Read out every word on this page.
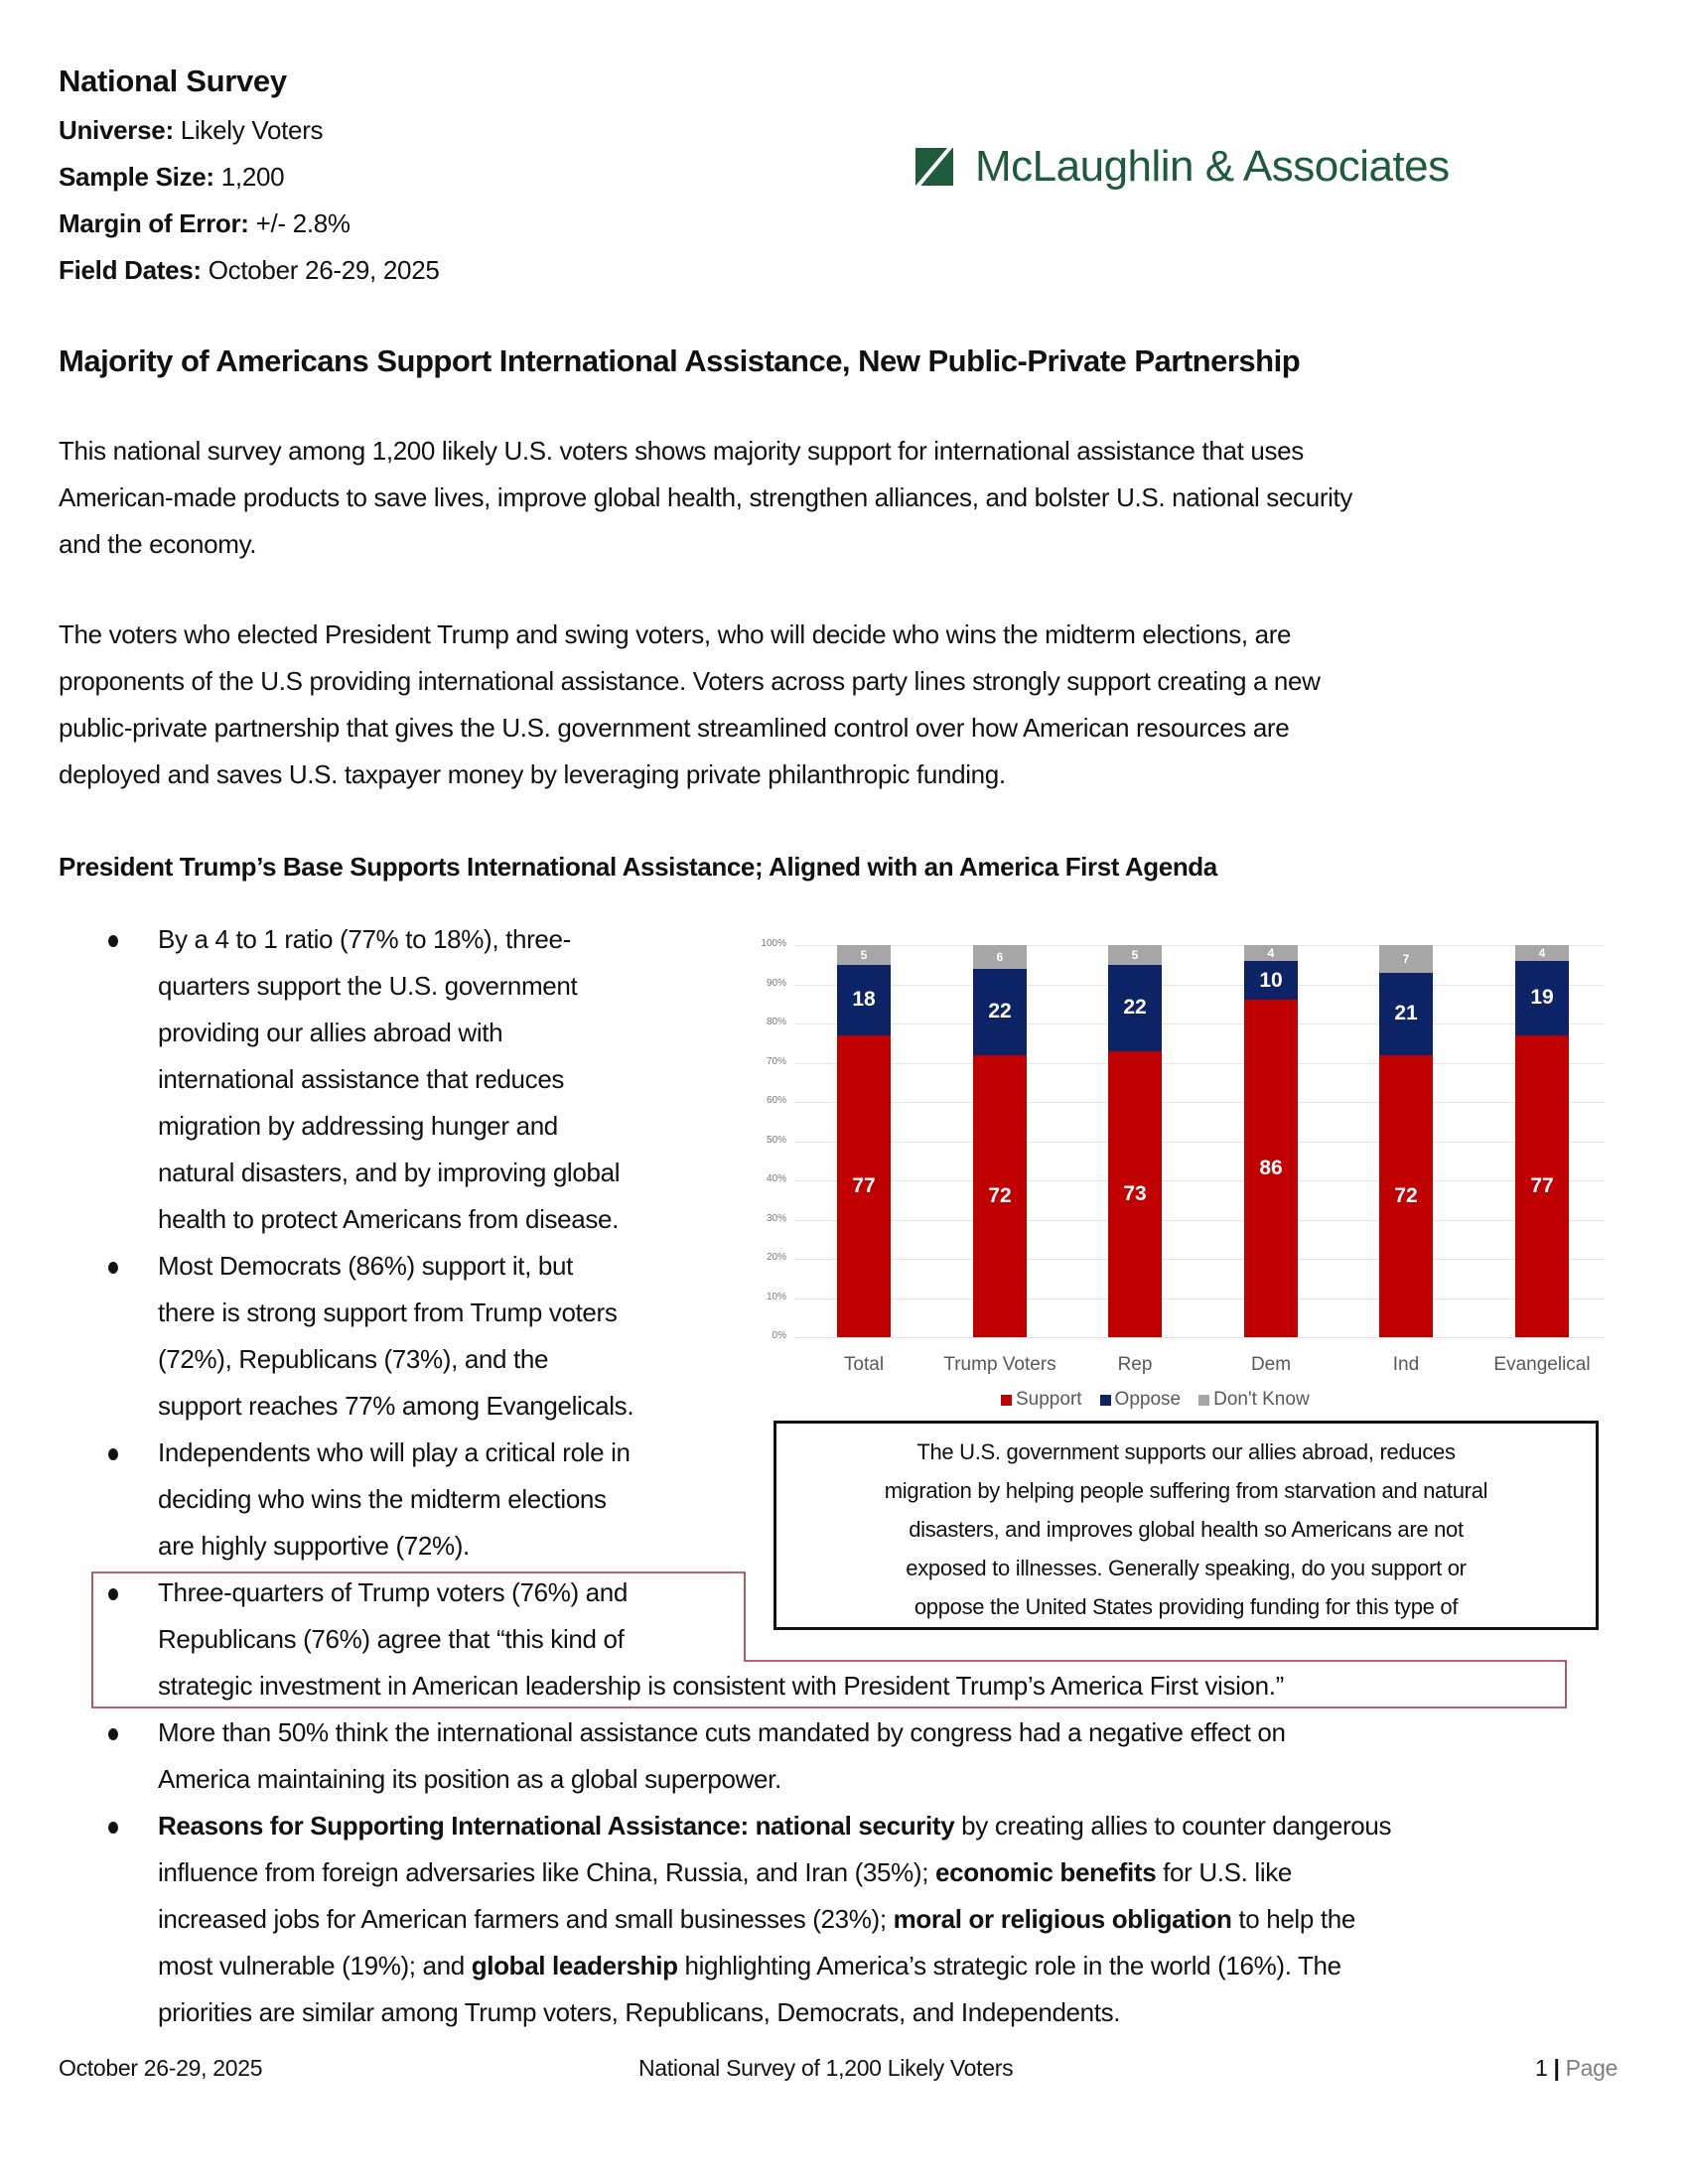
National Survey
Universe: Likely Voters
Sample Size: 1,200
Margin of Error: +/- 2.8%
Field Dates: October 26-29, 2025
McLaughlin & Associates
Majority of Americans Support International Assistance, New Public-Private Partnership
This national survey among 1,200 likely U.S. voters shows majority support for international assistance that uses
American-made products to save lives, improve global health, strengthen alliances, and bolster U.S. national security
and the economy.
The voters who elected President Trump and swing voters, who will decide who wins the midterm elections, are
proponents of the U.S providing international assistance. Voters across party lines strongly support creating a new
public-private partnership that gives the U.S. government streamlined control over how American resources are
deployed and saves U.S. taxpayer money by leveraging private philanthropic funding.
President Trump’s Base Supports International Assistance; Aligned with an America First Agenda
By a 4 to 1 ratio (77% to 18%), three-
quarters support the U.S. government
providing our allies abroad with
international assistance that reduces
migration by addressing hunger and
natural disasters, and by improving global
health to protect Americans from disease.
Most Democrats (86%) support it, but
there is strong support from Trump voters
(72%), Republicans (73%), and the
support reaches 77% among Evangelicals.
Independents who will play a critical role in
deciding who wins the midterm elections
are highly supportive (72%).
Three-quarters of Trump voters (76%) and
Republicans (76%) agree that “this kind of
strategic investment in American leadership is consistent with President Trump’s America First vision.”
More than 50% think the international assistance cuts mandated by congress had a negative effect on
America maintaining its position as a global superpower.
Reasons for Supporting International Assistance: national security by creating allies to counter dangerous
influence from foreign adversaries like China, Russia, and Iran (35%); economic benefits for U.S. like
increased jobs for American farmers and small businesses (23%); moral or religious obligation to help the
most vulnerable (19%); and global leadership highlighting America’s strategic role in the world (16%). The
priorities are similar among Trump voters, Republicans, Democrats, and Independents.
0%
10%
20%
30%
40%
50%
60%
70%
80%
90%
100%
77
18
5
72
22
6
73
22
5
86
10
4
72
21
7
77
19
4
Total	Trump Voters	Rep	Dem	Ind	Evangelical
Support Oppose Don't Know
The U.S. government supports our allies abroad, reduces
migration by helping people suffering from starvation and natural
disasters, and improves global health so Americans are not
exposed to illnesses. Generally speaking, do you support or
oppose the United States providing funding for this type of
October 26-29, 2025	National Survey of 1,200 Likely Voters	1 | Page
